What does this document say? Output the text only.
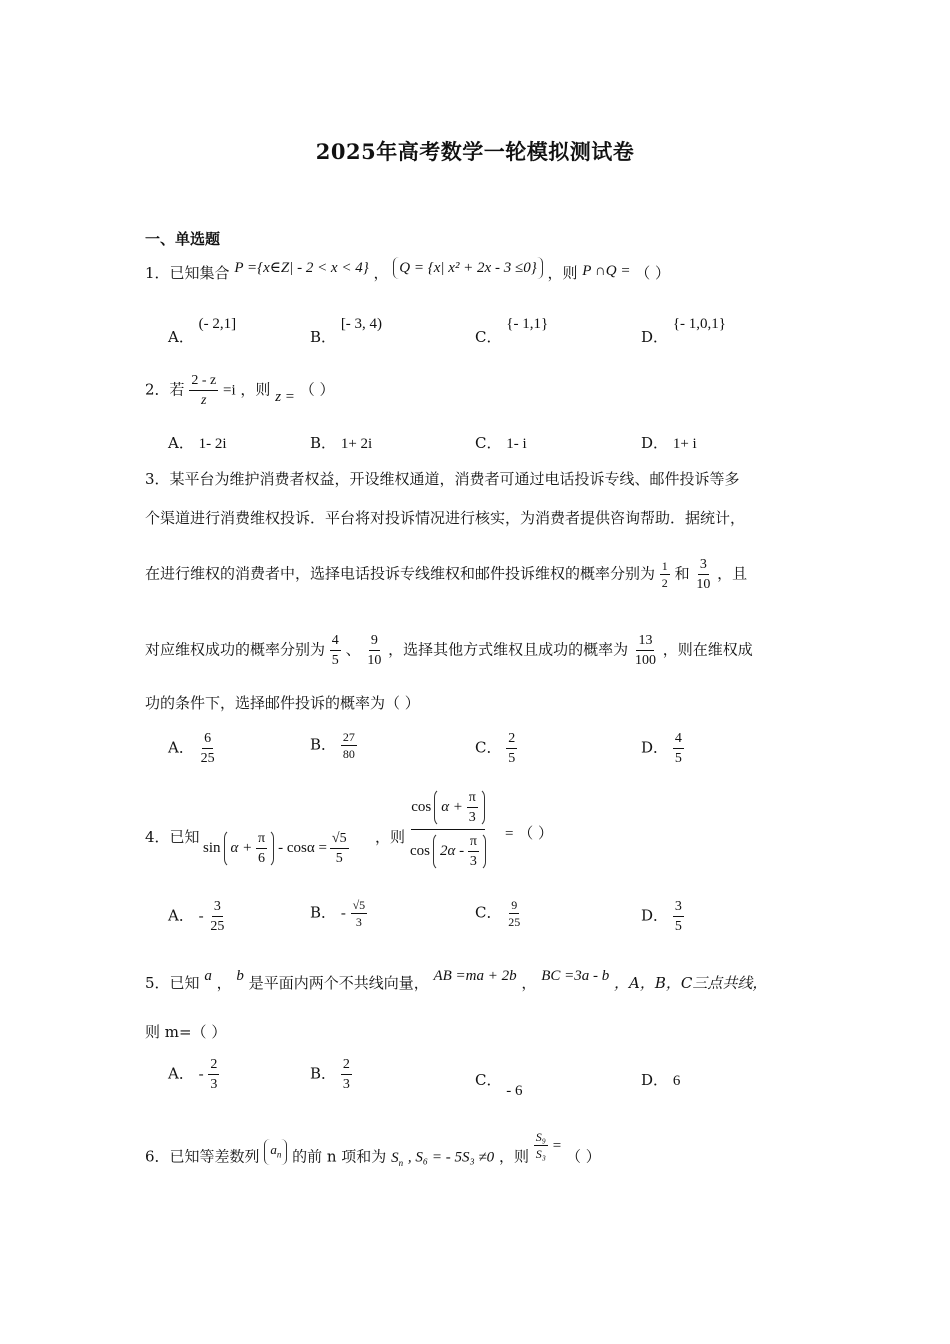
2025年高考数学一轮模拟测试卷
一、单选题
1．已知集合 P ={x∈Z| - 2 < x < 4} ， Q = {x| x² + 2x - 3 ≤0} ，则 P ∩Q = （ ）
A． (- 2,1]
B． [- 3, 4)
C． {- 1,1}
D． {- 1,0,1}
2．若 $\frac{2 - z}{z} =i$ ，则 z = （ ）
A． 1- 2i	B． 1+ 2i	C． 1- i	D． 1+ i
3．某平台为维护消费者权益，开设维权通道，消费者可通过电话投诉专线、邮件投诉等多
个渠道进行消费维权投诉．平台将对投诉情况进行核实，为消费者提供咨询帮助．据统计，
在进行维权的消费者中，选择电话投诉专线维权和邮件投诉维权的概率分别为 $\frac{1}{2}$ 和 $\frac{3}{10}$ ，且
对应维权成功的概率分别为 $\frac{4}{5}$ 、 $\frac{9}{10}$ ，选择其他方式维权且成功的概率为 $\frac{13}{100}$ ，则在维权成
功的条件下，选择邮件投诉的概率为（ ）
A． $\frac{6}{25}$	B． $\frac{27}{80}$	C． $\frac{2}{5}$	D． $\frac{4}{5}$
4．已知
$\sin \alpha + \frac{\pi}{6} - \cos\alpha = \frac{√5}{5}$ ，则 $\frac{\cos \alpha + \frac{\pi}{3}}{\cos 2\alpha - \frac{\pi}{3}}$ = （ ）
A． - $\frac{3}{25}$	B． - $\frac{√5}{3}$	C． $\frac{9}{25}$	D． $\frac{3}{5}$
5．已知 a ， b 是平面内两个不共线向量， AB =ma + 2b ， BC =3a - b ，A，B，C三点共线，
则 m=（ ）
A． - $\frac{2}{3}$	B． $\frac{2}{3}$	C． - 6
D． 6
6．已知等差数列 $a_n$ 的前 n 项和为 $S_n$ , S₆ = - 5S₃ ≠0 ，则 $\frac{\text{S₉}}{\text{S₃}}$ = （ ）
